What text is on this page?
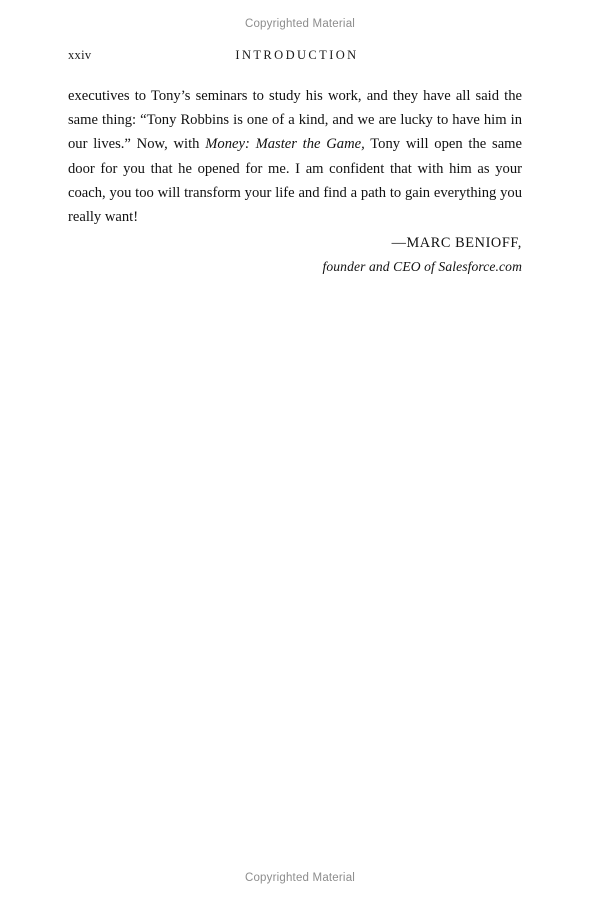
Copyrighted Material
xxiv	INTRODUCTION
executives to Tony’s seminars to study his work, and they have all said the same thing: “Tony Robbins is one of a kind, and we are lucky to have him in our lives.” Now, with Money: Master the Game, Tony will open the same door for you that he opened for me. I am confident that with him as your coach, you too will transform your life and find a path to gain everything you really want!
—MARC BENIOFF,
founder and CEO of Salesforce.com
Copyrighted Material
